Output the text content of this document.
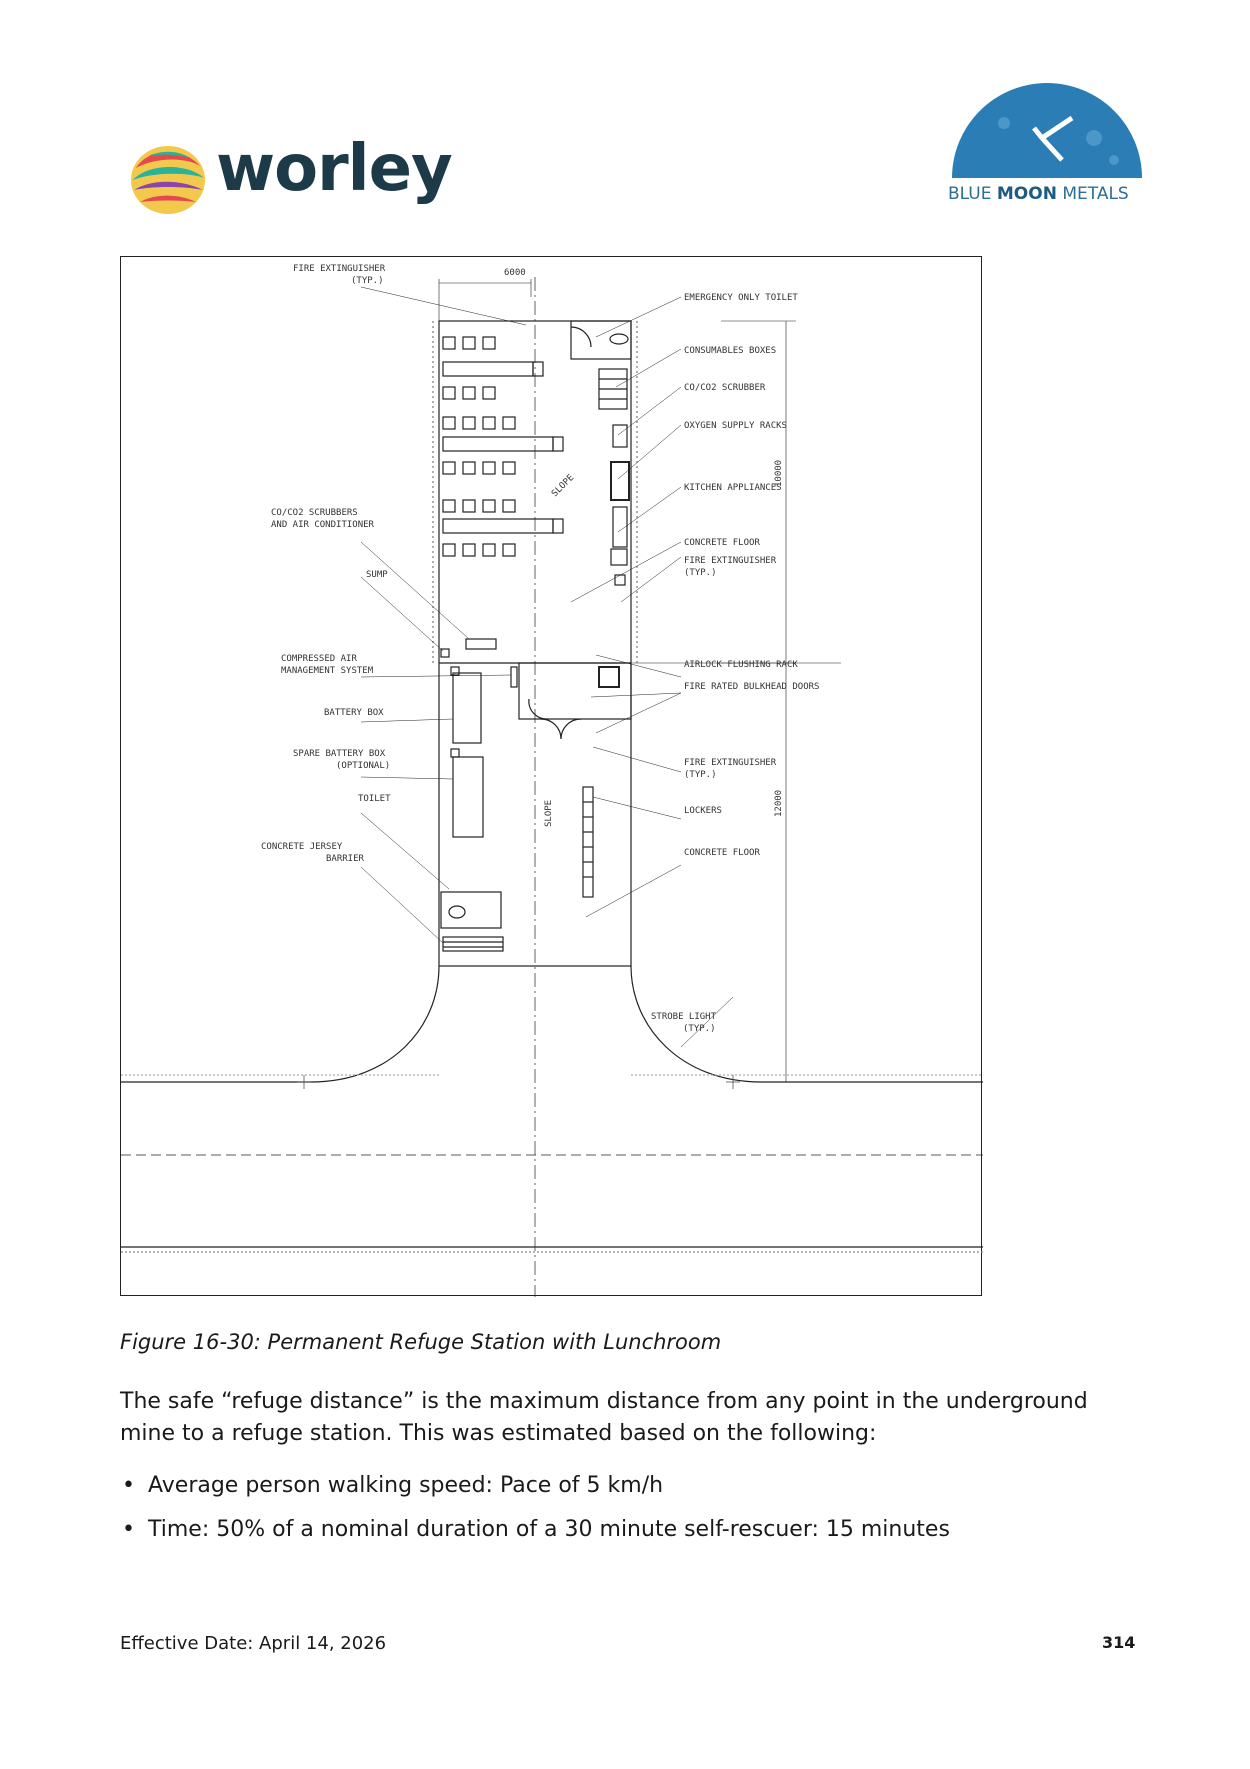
worley	BLUE MOON METALS
FIRE EXTINGUISHER
(TYP.)
6000
EMERGENCY ONLY TOILET
CONSUMABLES BOXES
CO/CO2 SCRUBBER
OXYGEN SUPPLY RACKS
KITCHEN APPLIANCES
CONCRETE FLOOR
FIRE EXTINGUISHER
(TYP.)
CO/CO2 SCRUBBERS
AND AIR CONDITIONER
SUMP
COMPRESSED AIR
MANAGEMENT SYSTEM
AIRLOCK FLUSHING RACK
FIRE RATED BULKHEAD DOORS
BATTERY BOX
SPARE BATTERY BOX
(OPTIONAL)	FIRE EXTINGUISHER
(TYP.)
TOILET
LOCKERS
CONCRETE JERSEY
BARRIER
CONCRETE FLOOR
STROBE LIGHT
(TYP.)
10000
12000
SLOPE
SLOPE
Figure 16-30: Permanent Refuge Station with Lunchroom
The safe “refuge distance” is the maximum distance from any point in the underground mine to a refuge station. This was estimated based on the following:
• Average person walking speed: Pace of 5 km/h
• Time: 50% of a nominal duration of a 30 minute self-rescuer: 15 minutes
Effective Date: April 14, 2026	314
